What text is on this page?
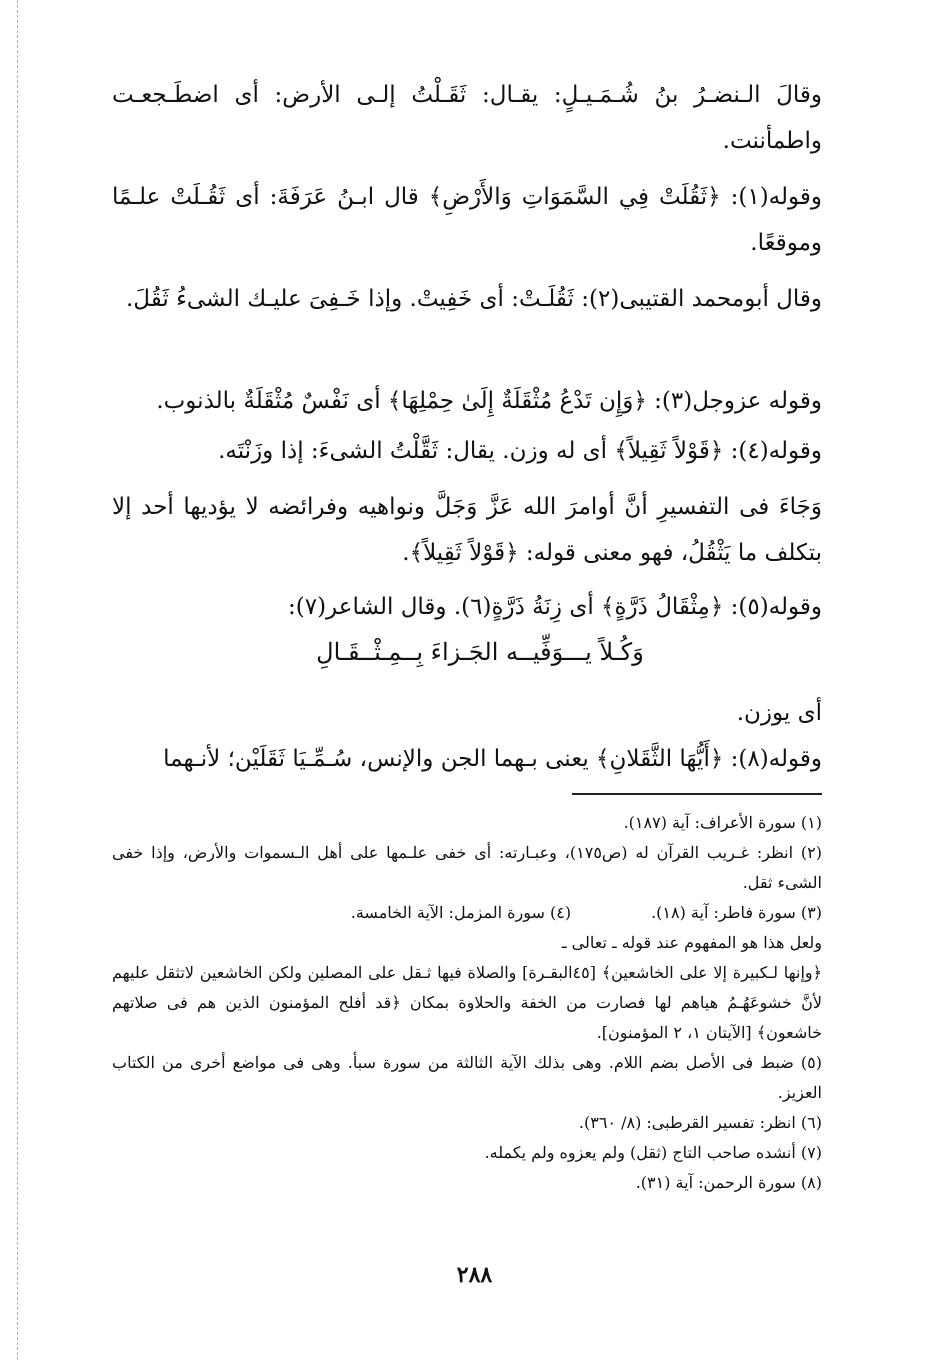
وقالَ الـنضـرُ بنُ شُـمَـيـلٍ: يقـال: ثَقَـلْتُ إلـى الأرض: أى اضطَـجعـت واطمأننت.

وقوله(١): ﴿ثَقُلَتْ فِي السَّمَوَاتِ وَالأَرْضِ﴾ قال ابـنُ عَرَفَةَ: أى ثَقُـلَتْ علـمًا وموقعًا.

وقال أبومحمد القتيبى(٢): ثَقُلَـتْ: أى خَفِيتْ. وإذا خَـفِىَ عليـك الشىءُ ثَقُلَ.

وقوله عزوجل(٣): ﴿وَإِن تَدْعُ مُثْقَلَةٌ إِلَىٰ حِمْلِهَا﴾ أى نَفْسٌ مُثْقَلَةٌ بالذنوب.

وقوله(٤): ﴿قَوْلاً ثَقِيلاً﴾ أى له وزن. يقال: ثَقَّلْتُ الشىءَ: إذا وزَنْتَه.

وَجَاءَ فى التفسيرِ أنَّ أوامرَ الله عَزَّ وَجَلَّ ونواهيه وفرائضه لا يؤديها أحد إلا بتكلف ما يَثْقُلُ، فهو معنى قوله: ﴿قَوْلاً ثَقِيلاً﴾.

وقوله(٥): ﴿مِثْقَالُ ذَرَّةٍ﴾ أى زِنَةُ ذَرَّةٍ(٦). وقال الشاعر(٧):

وَكُـلاً يـــوَفِّيــه الجَـزاءَ بِــمِـثْــقَـالِ

أى يوزن.

وقوله(٨): ﴿أَيُّهَا الثَّقَلانِ﴾ يعنى بـهما الجن والإنس، سُـمِّـيَا ثَقَلَيْن؛ لأنـهما

(١) سورة الأعراف: آية (١٨٧).

(٢) انظر: غـريب القرآن له (ص١٧٥)، وعبـارته: أى خفى علـمها على أهل الـسموات والأرض، وإذا خفى الشىء ثقل.

(٣) سورة فاطر: آية (١٨).
(٤) سورة المزمل: الآية الخامسة.

ولعل هذا هو المفهوم عند قوله ـ تعالى ـ

﴿وإنها لـكبيرة إلا على الخاشعين﴾ [٤٥البقـرة] والصلاة فيها ثـقل على المصلين ولكن الخاشعين لاتثقل عليهم لأنَّ خشوعَهُـمُ هياهم لها فصارت من الخفة والحلاوة بمكان ﴿قد أفلح المؤمنون الذين هم فى صلاتهم خاشعون﴾ [الآيتان ١، ٢ المؤمنون].

(٥) ضبط فى الأصل بضم اللام. وهى بذلك الآية الثالثة من سورة سبأ. وهى فى مواضع أخرى من الكتاب العزيز.

(٦) انظر: تفسير القرطبى: (٨/ ٣٦٠).

(٧) أنشده صاحب التاج (ثقل) ولم يعزوه ولم يكمله.

(٨) سورة الرحمن: آية (٣١).

٢٨٨
